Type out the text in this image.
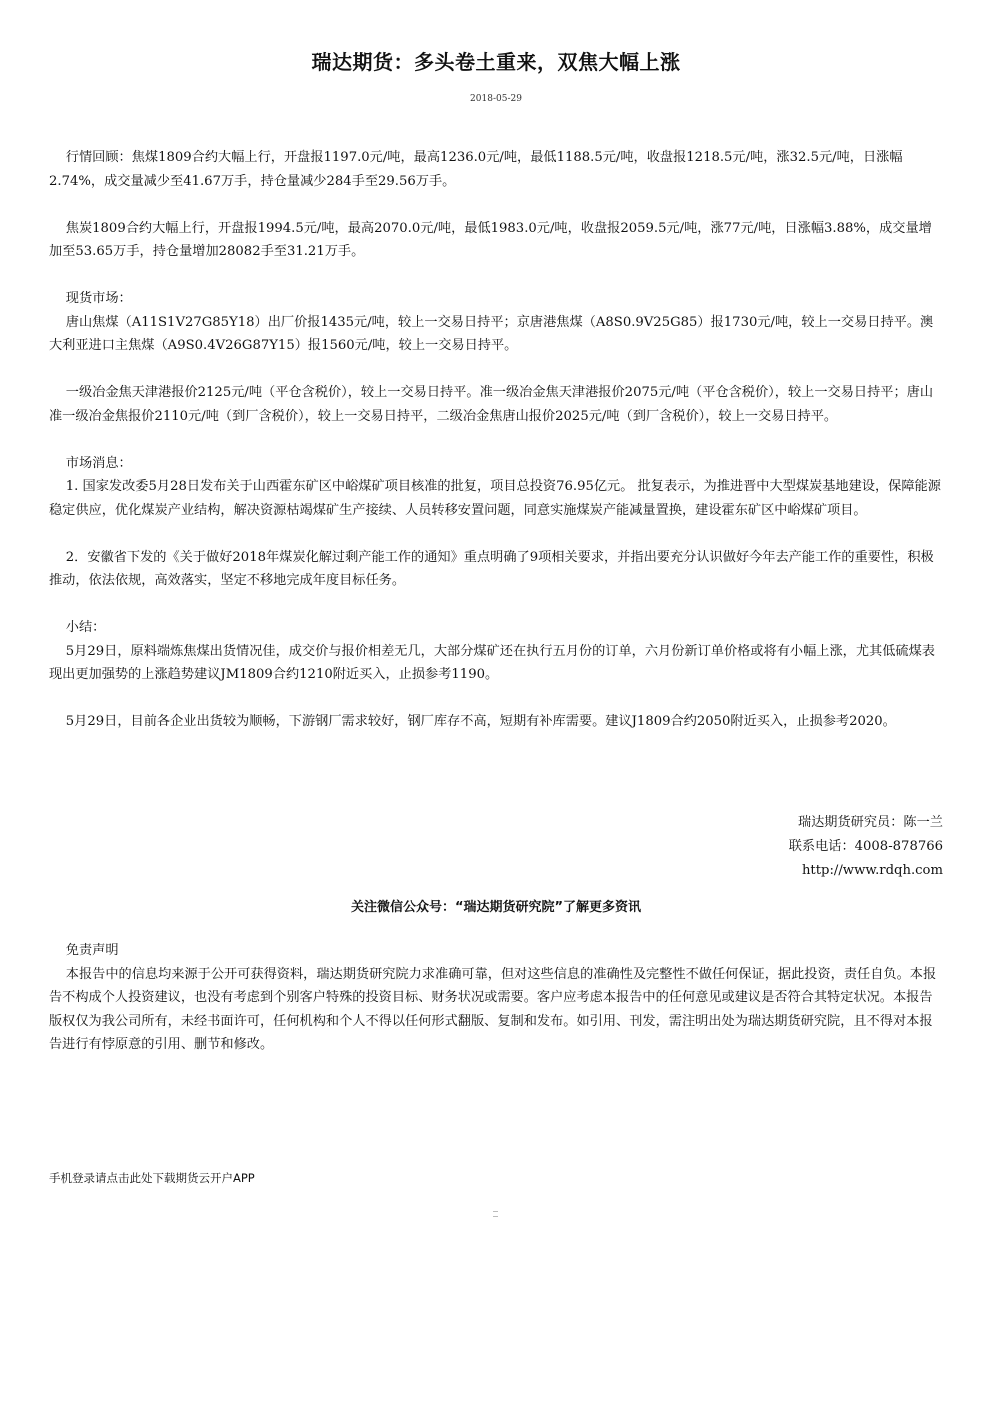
瑞达期货：多头卷土重来，双焦大幅上涨
2018-05-29

行情回顾：焦煤1809合约大幅上行，开盘报1197.0元/吨，最高1236.0元/吨，最低1188.5元/吨，收盘报1218.5元/吨，涨32.5元/吨，日涨幅2.74%，成交量减少至41.67万手，持仓量减少284手至29.56万手。

焦炭1809合约大幅上行，开盘报1994.5元/吨，最高2070.0元/吨，最低1983.0元/吨，收盘报2059.5元/吨，涨77元/吨，日涨幅3.88%，成交量增加至53.65万手，持仓量增加28082手至31.21万手。

现货市场：
唐山焦煤（A11S1V27G85Y18）出厂价报1435元/吨，较上一交易日持平；京唐港焦煤（A8S0.9V25G85）报1730元/吨，较上一交易日持平。澳大利亚进口主焦煤（A9S0.4V26G87Y15）报1560元/吨，较上一交易日持平。

一级冶金焦天津港报价2125元/吨（平仓含税价），较上一交易日持平。准一级冶金焦天津港报价2075元/吨（平仓含税价），较上一交易日持平；唐山准一级冶金焦报价2110元/吨（到厂含税价），较上一交易日持平，二级冶金焦唐山报价2025元/吨（到厂含税价），较上一交易日持平。

市场消息：
1. 国家发改委5月28日发布关于山西霍东矿区中峪煤矿项目核准的批复，项目总投资76.95亿元。 批复表示，为推进晋中大型煤炭基地建设，保障能源稳定供应，优化煤炭产业结构，解决资源枯竭煤矿生产接续、人员转移安置问题，同意实施煤炭产能减量置换，建设霍东矿区中峪煤矿项目。

2．安徽省下发的《关于做好2018年煤炭化解过剩产能工作的通知》重点明确了9项相关要求，并指出要充分认识做好今年去产能工作的重要性，积极推动，依法依规，高效落实，坚定不移地完成年度目标任务。

小结：
5月29日，原料端炼焦煤出货情况佳，成交价与报价相差无几，大部分煤矿还在执行五月份的订单，六月份新订单价格或将有小幅上涨，尤其低硫煤表现出更加强势的上涨趋势建议JM1809合约1210附近买入，止损参考1190。

5月29日，目前各企业出货较为顺畅，下游钢厂需求较好，钢厂库存不高，短期有补库需要。建议J1809合约2050附近买入，止损参考2020。

瑞达期货研究员：陈一兰
联系电话：4008-878766
http://www.rdqh.com
关注微信公众号：“瑞达期货研究院”了解更多资讯

免责声明

本报告中的信息均来源于公开可获得资料，瑞达期货研究院力求准确可靠，但对这些信息的准确性及完整性不做任何保证，据此投资，责任自负。本报告不构成个人投资建议，也没有考虑到个别客户特殊的投资目标、财务状况或需要。客户应考虑本报告中的任何意见或建议是否符合其特定状况。本报告版权仅为我公司所有，未经书面许可，任何机构和个人不得以任何形式翻版、复制和发布。如引用、刊发，需注明出处为瑞达期货研究院，且不得对本报告进行有悖原意的引用、删节和修改。

手机登录请点击此处下载期货云开户APP
